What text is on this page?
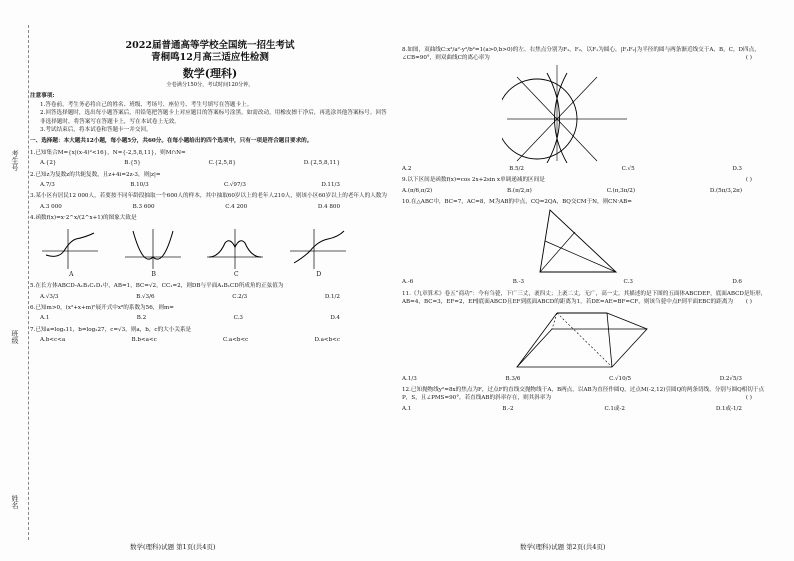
考生号
班级
姓名
2022届普通高等学校全国统一招生考试
青桐鸣12月高三适应性检测
数学(理科)
全卷满分150分，考试时间120分钟。
注意事项:
1.答卷前，考生务必将自己的姓名、班级、考场号、座位号、考生号填写在答题卡上。
2.回答选择题时，选出每小题答案后，用铅笔把答题卡上对应题目的答案标号涂黑。如需改动，用橡皮擦干净后，再选涂其他答案标号。回答非选择题时，将答案写在答题卡上，写在本试卷上无效。
3.考试结束后，将本试卷和答题卡一并交回。
一、选择题：本大题共12小题，每小题5分，共60分。在每小题给出的四个选项中，只有一项是符合题目要求的。
1.已知集合M={x|(x-4)²<16}，N={-2,5,8,11}，则M∩N=
A.{2}	B.{5}	C.{2,5,8}	D.{2,5,8,11}
2.已知z为复数z的共轭复数，且z+4i=2z-3，则|z|=
A.7/3	B.10/3	C.√97/3	D.11/3
3.某小区有居民12 000人，若要按不同年龄段抽取一个600人的样本，其中抽取60岁以上的老年人210人，则该小区60岁以上的老年人的人数为
A.3 000	B.3 600	C.4 200	D.4 800
4.函数f(x)=x·2^x/(2^x+1)的图象大致是
A	B	C	D
5.在长方体ABCD-A₁B₁C₁D₁中，AB=1，BC=√2，CC₁=2，则DB与平面A₁B₁CD所成角的正弦值为
A.√3/3	B.√3/6	C.2/3	D.1/2
6.已知m>0，(x²+x+m)⁵展开式中x⁸的系数为56，则m=
A.1	B.2	C.3	D.4
7.已知a=log₃11，b=log₂27，c=√3，则a，b，c的大小关系是
A.b<c<a	B.b<a<c	C.a<b<c	D.a<b<c
8.如图，双曲线C:x²/a²-y²/b²=1(a>0,b>0)的左、右焦点分别为F₁，F₂，以F₁为圆心，|F₁F₂|为半径的圆与两条渐近线交于A，B，C，D四点，∠CB=90°，则双曲线C的离心率为	( )
A.2	B.5/2	C.√5	D.3
9.以下区间是函数f(x)=cos 2x+2sin x单调递减的区间是	( )
A.(π/6,π/2)	B.(π/2,π)	C.(π,3π/2)	D.(5π/3,2π)
10.在△ABC中，BC=7，AC=8，M为AB的中点，CQ=2QA，BQ交CM于N，则CN·AB=
A.-6	B.-3	C.3	D.6
11.《九章算术》卷五“商功”：今有刍甍，下广三丈，袤四丈；上袤二丈，无广，高一丈。其描述的是下图的五面体ABCDEF，底面ABCD是矩形，AB=4，BC=3，EF=2，EF∥底面ABCD且EF到底面ABCD的距离为1，若DE=AE=BF=CF，则该刍甍中点F到平面EBC的距离为 ( )
A.1/3	B.3/6	C.√10/5	D.2√5/3
12.已知抛物线y²=8x的焦点为F，过点F的直线交抛物线于A，B两点，以AB为直径作圆Q，过点M(-2,12)引圆Q的两条切线，分别与圆Q相切于点P，S，且∠PMS=90°，若直线AB的斜率存在，则其斜率为	( )
A.1	B.-2	C.1或-2	D.1或-1/2
数学(理科)试题 第1页(共4页)	数学(理科)试题 第2页(共4页)
